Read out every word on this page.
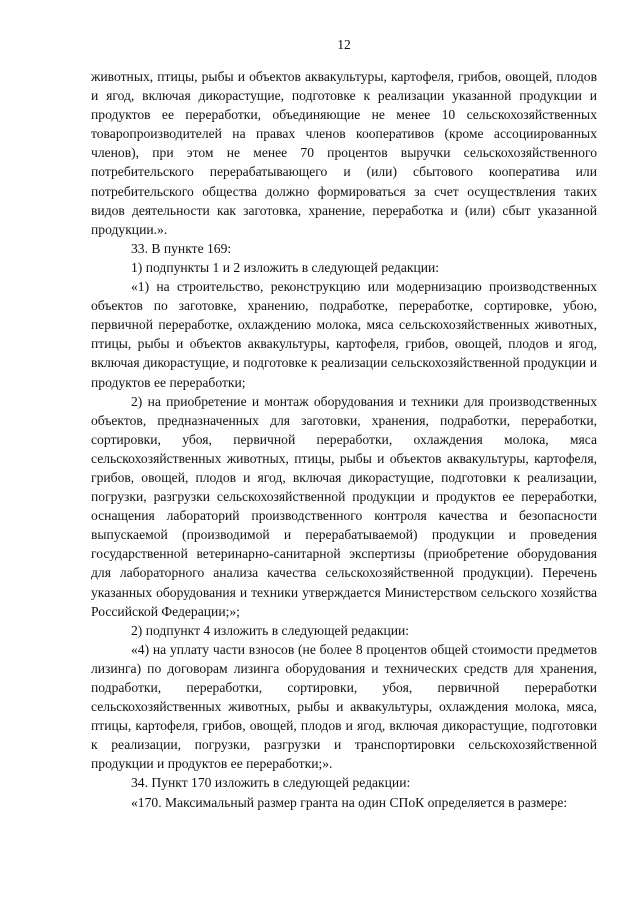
12

животных, птицы, рыбы и объектов аквакультуры, картофеля, грибов, овощей, плодов и ягод, включая дикорастущие, подготовке к реализации указанной продукции и продуктов ее переработки, объединяющие не менее 10 сельскохозяйственных товаропроизводителей на правах членов кооперативов (кроме ассоциированных членов), при этом не менее 70 процентов выручки сельскохозяйственного потребительского перерабатывающего и (или) сбытового кооператива или потребительского общества должно формироваться за счет осуществления таких видов деятельности как заготовка, хранение, переработка и (или) сбыт указанной продукции.».

33. В пункте 169:

1) подпункты 1 и 2 изложить в следующей редакции:

«1) на строительство, реконструкцию или модернизацию производственных объектов по заготовке, хранению, подработке, переработке, сортировке, убою, первичной переработке, охлаждению молока, мяса сельскохозяйственных животных, птицы, рыбы и объектов аквакультуры, картофеля, грибов, овощей, плодов и ягод, включая дикорастущие, и подготовке к реализации сельскохозяйственной продукции и продуктов ее переработки;

2) на приобретение и монтаж оборудования и техники для производственных объектов, предназначенных для заготовки, хранения, подработки, переработки, сортировки, убоя, первичной переработки, охлаждения молока, мяса сельскохозяйственных животных, птицы, рыбы и объектов аквакультуры, картофеля, грибов, овощей, плодов и ягод, включая дикорастущие, подготовки к реализации, погрузки, разгрузки сельскохозяйственной продукции и продуктов ее переработки, оснащения лабораторий производственного контроля качества и безопасности выпускаемой (производимой и перерабатываемой) продукции и проведения государственной ветеринарно-санитарной экспертизы (приобретение оборудования для лабораторного анализа качества сельскохозяйственной продукции). Перечень указанных оборудования и техники утверждается Министерством сельского хозяйства Российской Федерации;»;

2) подпункт 4 изложить в следующей редакции:

«4) на уплату части взносов (не более 8 процентов общей стоимости предметов лизинга) по договорам лизинга оборудования и технических средств для хранения, подработки, переработки, сортировки, убоя, первичной переработки сельскохозяйственных животных, рыбы и аквакультуры, охлаждения молока, мяса, птицы, картофеля, грибов, овощей, плодов и ягод, включая дикорастущие, подготовки к реализации, погрузки, разгрузки и транспортировки сельскохозяйственной продукции и продуктов ее переработки;».

34. Пункт 170 изложить в следующей редакции:

«170. Максимальный размер гранта на один СПоК определяется в размере:
